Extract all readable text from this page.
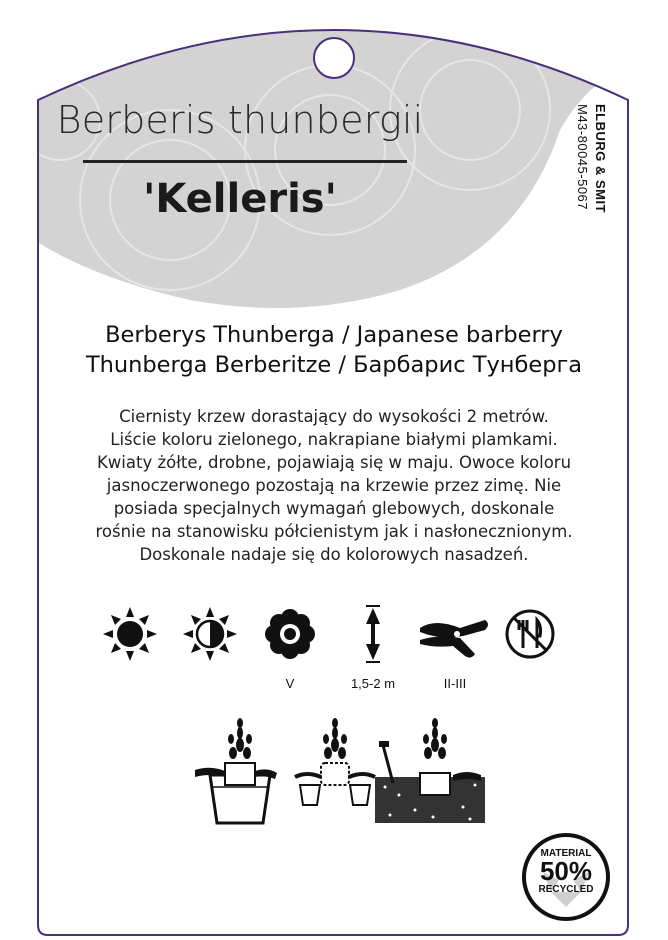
Berberis thunbergii
'Kelleris'	ELBURG & SMIT
M43-80045-5067
Berberys Thunberga / Japanese barberry
Thunberga Berberitze / Барбарис Тунберга
Ciernisty krzew dorastający do wysokości 2 metrów.
Liście koloru zielonego, nakrapiane białymi plamkami.
Kwiaty żółte, drobne, pojawiają się w maju. Owoce koloru
jasnoczerwonego pozostają na krzewie przez zimę. Nie
posiada specjalnych wymagań glebowych, doskonale
rośnie na stanowisku półcienistym jak i nasłonecznionym.
Doskonale nadaje się do kolorowych nasadzeń.
V	1,5-2 m	II-III
MATERIAL
50%
RECYCLED
